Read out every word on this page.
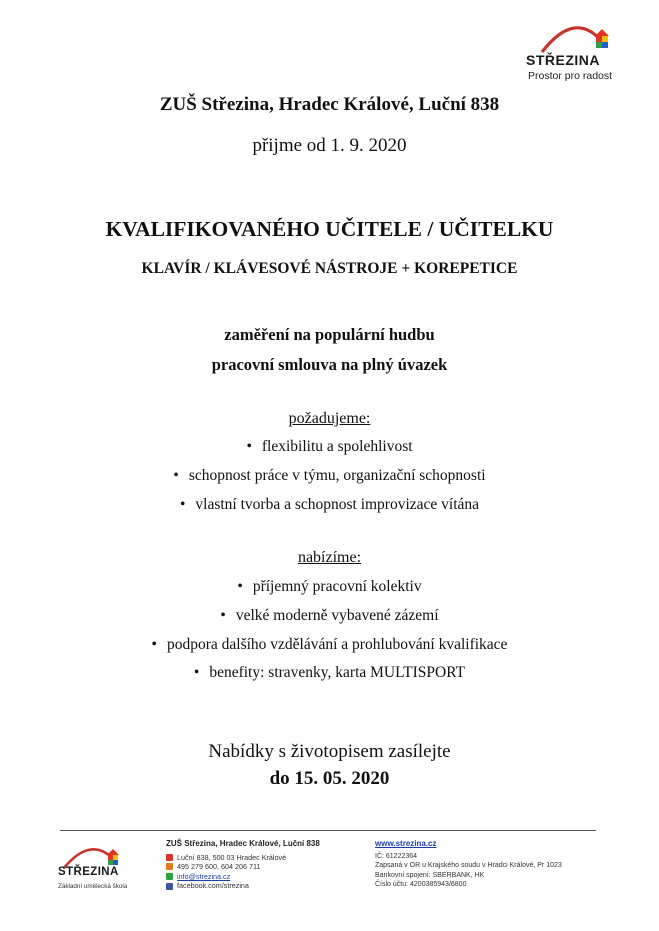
STŘEZINA
Prostor pro radost
ZUŠ Střezina, Hradec Králové, Luční 838
přijme od 1. 9. 2020
KVALIFIKOVANÉHO UČITELE / UČITELKU
KLAVÍR / KLÁVESOVÉ NÁSTROJE + KOREPETICE
zaměření na populární hudbu
pracovní smlouva na plný úvazek
požadujeme:
• flexibilitu a spolehlivost
• schopnost práce v týmu, organizační schopnosti
• vlastní tvorba a schopnost improvizace vítána
nabízíme:
• příjemný pracovní kolektiv
• velké moderně vybavené zázemí
• podpora dalšího vzdělávání a prohlubování kvalifikace
• benefity: stravenky, karta MULTISPORT
Nabídky s životopisem zasílejte
do 15. 05. 2020
STŘEZINA
Základní umělecká škola
ZUŠ Střezina, Hradec Králové, Luční 838
Luční 838, 500 03 Hradec Králové
495 279 600, 604 206 711
info@strezina.cz
facebook.com/strezina
www.strezina.cz
IČ: 61222364
Zapsaná v OR u Krajského soudu v Hradci Králové, Pr 1023
Bankovní spojení: SBERBANK, HK
Číslo účtu: 4200385943/6800
